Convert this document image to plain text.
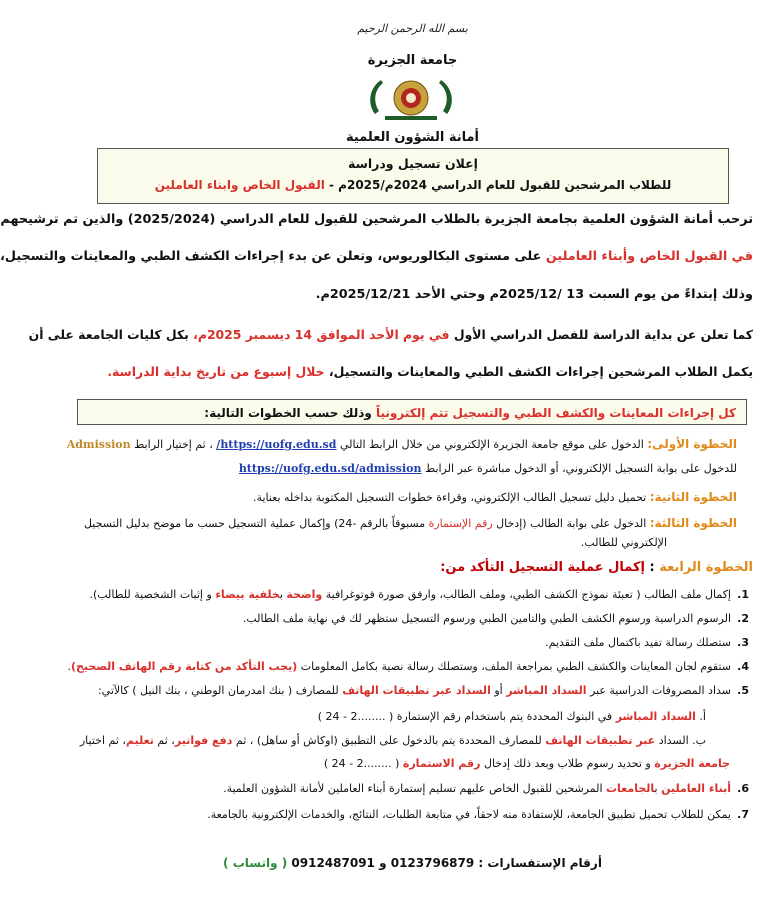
بسم الله الرحمن الرحيم
جامعة الجزيرة
أمانة الشؤون العلمية
إعلان تسجيل ودراسة
للطلاب المرشحين للقبول للعام الدراسي 2024م/2025م - القبول الخاص وابناء العاملين
ترحب أمانة الشؤون العلمية بجامعة الجزيرة بالطلاب المرشحين للقبول للعام الدراسي (2025/2024) والذين تم ترشيحهم
في القبول الخاص وأبناء العاملين على مستوى البكالوريوس، وتعلن عن بدء إجراءات الكشف الطبي والمعاينات والتسجيل،
وذلك إبتداءً من يوم السبت 13 /2025/12م وحتي الأحد 2025/12/21م.
كما تعلن عن بداية الدراسة للفصل الدراسي الأول في يوم الأحد الموافق 14 ديسمبر 2025م، بكل كليات الجامعة على أن
يكمل الطلاب المرشحين إجراءات الكشف الطبي والمعاينات والتسجيل، خلال إسبوع من تاريخ بداية الدراسة.
كل إجراءات المعاينات والكشف الطبي والتسجيل تتم إلكترونياً وذلك حسب الخطوات التالية:
الخطوة الأولى: الدخول على موقع جامعة الجزيرة الإلكتروني من خلال الرابط التالي https://uofg.edu.sd/ ، ثم إختيار الرابط Admission
للدخول على بوابة التسجيل الإلكتروني، أو الدخول مباشرة عبر الرابط https://uofg.edu.sd/admission
الخطوة الثانية: تحميل دليل تسجيل الطالب الإلكتروني، وقراءة خطوات التسجيل المكتوبة بداخله بعناية.
الخطوة الثالثة: الدخول على بوابة الطالب (إدخال رقم الإستمارة مسبوقاً بالرقم -24) وإكمال عملية التسجيل حسب ما موضح بدليل التسجيل
الإلكتروني للطالب.
الخطوة الرابعة : إكمال عملية التسجيل التأكد من:
1.إكمال ملف الطالب ( تعبئة نموذج الكشف الطبي، وملف الطالب، وارفق صورة فوتوغرافية واضحة بخلفية بيضاء و إثبات الشخصية للطالب).
2.الرسوم الدراسية ورسوم الكشف الطبي والتامين الطبي ورسوم التسجيل ستظهر لك في نهاية ملف الطالب.
3.ستصلك رسالة تفيد باكتمال ملف التقديم.
4.ستقوم لجان المعاينات والكشف الطبي بمراجعة الملف، وستصلك رسالة نصية بكامل المعلومات (يجب التأكد من كتابة رقم الهاتف الصحيح).
5.سداد المصروفات الدراسية عبر السداد المباشر أو السداد عبر تطبيقات الهاتف للمصارف ( بنك امدرمان الوطني ، بنك النيل ) كالآتي:
أ. السداد المباشر في البنوك المحددة يتم باستخدام رقم الإستمارة ( ........2 - 24 )
ب. السداد عبر تطبيقات الهاتف للمصارف المحددة يتم بالدخول على التطبيق (اوكاش أو ساهل) ، ثم دفع فواتير، ثم تعليم، ثم اختيار
جامعة الجزيرة و تحديد رسوم طلاب وبعد ذلك إدخال رقم الاستمارة ( ........2 - 24 )
6.أبناء العاملين بالجامعات المرشحين للقبول الخاص عليهم تسليم إستمارة أبناء العاملين لأمانة الشؤون العلمية.
7.يمكن للطلاب تحميل تطبيق الجامعة، للإستفادة منه لاحقاً، في متابعة الطلبات، النتائج، والخدمات الإلكترونية بالجامعة.
أرقام الإستفسارات : 0123796879 و 0912487091 ( واتساب )
